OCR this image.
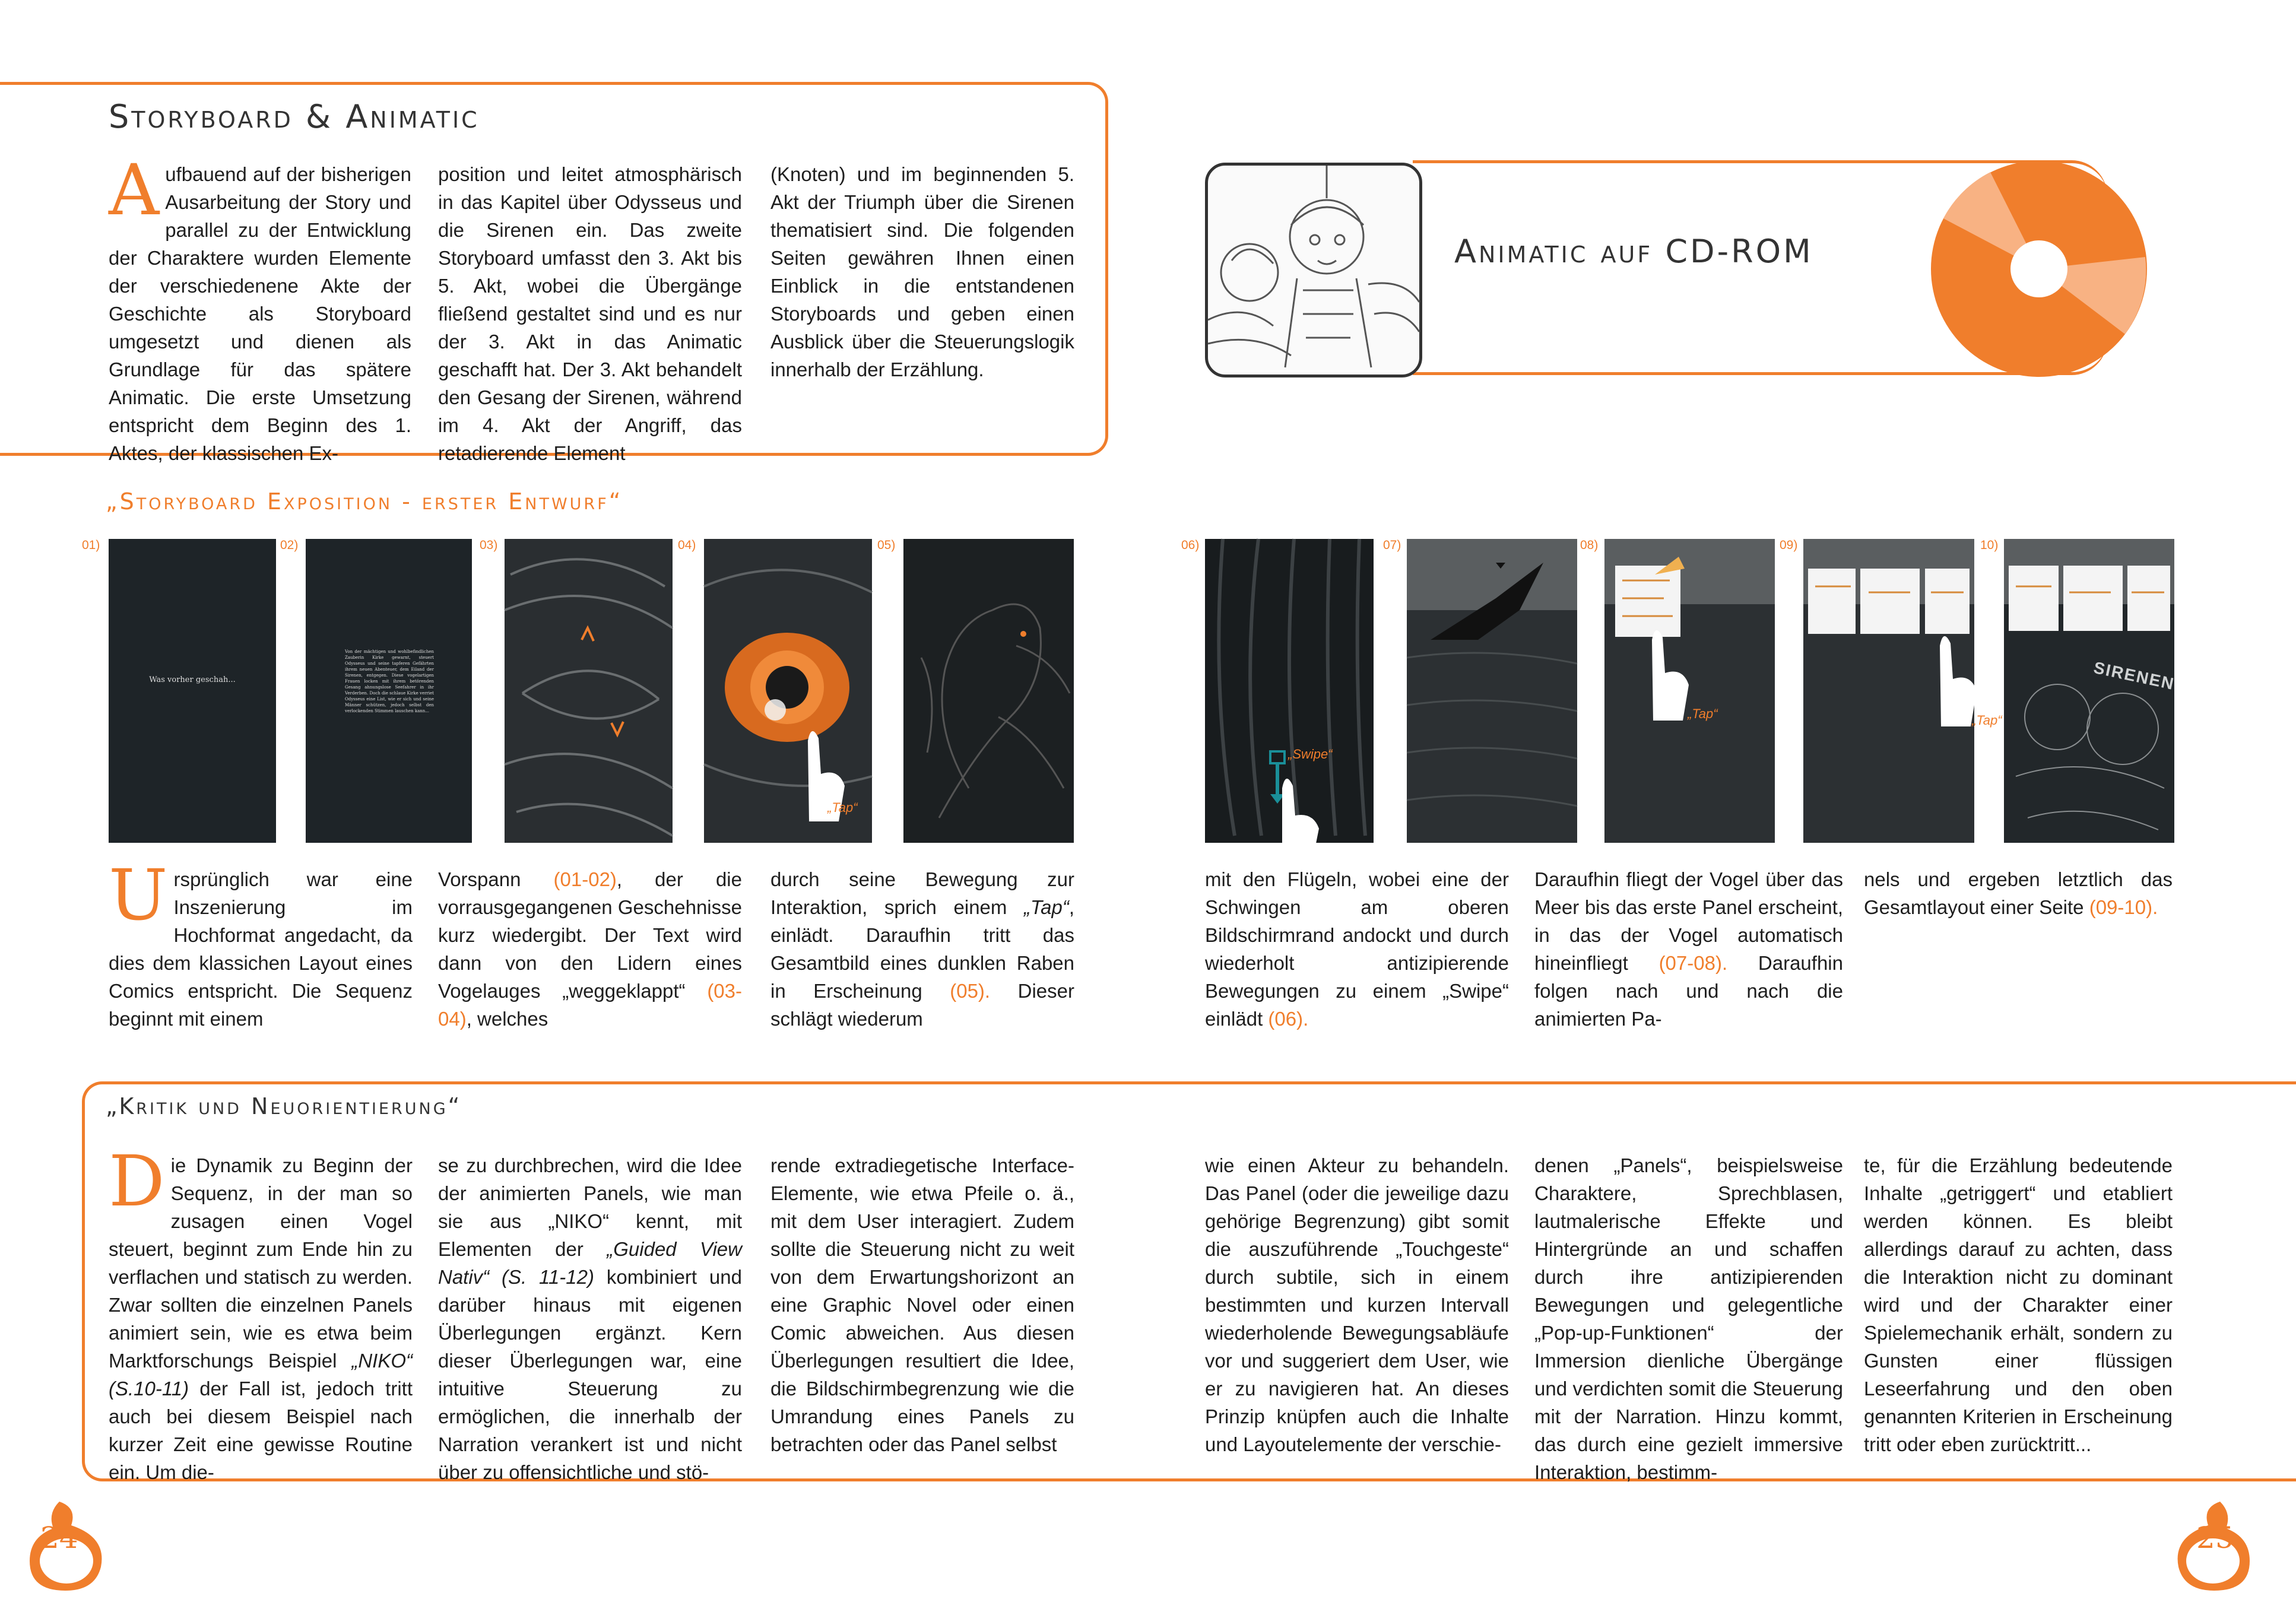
Storyboard & Animatic
Aufbauend auf der bisherigen Ausarbeitung der Story und parallel zu der Entwicklung der Charaktere wurden Elemente der verschiedenene Akte der Geschichte als Storyboard umgesetzt und dienen als Grundlage für das spätere Animatic. Die erste Umsetzung entspricht dem Beginn des 1. Aktes, der klassischen Ex-
position und leitet atmosphärisch in das Kapitel über Odysseus und die Sirenen ein. Das zweite Storyboard umfasst den 3. Akt bis 5. Akt, wobei die Übergänge fließend gestaltet sind und es nur der 3. Akt in das Animatic geschafft hat. Der 3. Akt behandelt den Gesang der Sirenen, während im 4. Akt der Angriff, das retadierende Element
(Knoten) und im beginnenden 5. Akt der Triumph über die Sirenen thematisiert sind. Die folgenden Seiten gewähren Ihnen einen Einblick in die entstandenen Storyboards und geben einen Ausblick über die Steuerungslogik innerhalb der Erzählung.
Animatic auf CD-ROM
„Storyboard Exposition - erster Entwurf“
01)
Was vorher geschah...
02)
Von der mächtigen und wohlbefindlichen Zauberin Kirke gewarnt, steuert Odysseus und seine tapferen Gefährten ihrem neuen Abenteuer, dem Eiland der Sirenen, entgegen. Diese vogelartigen Frauen locken mit ihrem betörenden Gesang ahnungslose Seefahrer in ihr Verderben. Doch die schlaue Kirke verriet Odysseus eine List, wie er sich und seine Männer schützen, jedoch selbst den verlockenden Stimmen lauschen kann...
03)	04)
„Tap“
05)	06)
„Swipe“
07)	08)
„Tap“
09)
„Tap“
10)
SIRENEN
Ursprünglich war eine Inszenierung im Hochformat angedacht, da dies dem klassichen Layout eines Comics entspricht. Die Sequenz beginnt mit einem
Vorspann (01-02), der die vorrausgegangenen Geschehnisse kurz wiedergibt. Der Text wird dann von den Lidern eines Vogelauges „weggeklappt“ (03-04), welches
durch seine Bewegung zur Interaktion, sprich einem „Tap“, einlädt. Daraufhin tritt das Gesamtbild eines dunklen Raben in Erscheinung (05). Dieser schlägt wiederum
mit den Flügeln, wobei eine der Schwingen am oberen Bildschirmrand andockt und durch wiederholt antizipierende Bewegungen zu einem „Swipe“ einlädt (06).
Daraufhin fliegt der Vogel über das Meer bis das erste Panel erscheint, in das der Vogel automatisch hineinfliegt (07-08). Daraufhin folgen nach und nach die animierten Pa-
nels und ergeben letztlich das Gesamtlayout einer Seite (09-10).
„Kritik und Neuorientierung“
Die Dynamik zu Beginn der Sequenz, in der man so zusagen einen Vogel steuert, beginnt zum Ende hin zu verflachen und statisch zu werden. Zwar sollten die einzelnen Panels animiert sein, wie es etwa beim Marktforschungs Beispiel „NIKO“ (S.10-11) der Fall ist, jedoch tritt auch bei diesem Beispiel nach kurzer Zeit eine gewisse Routine ein. Um die-
se zu durchbrechen, wird die Idee der animierten Panels, wie man sie aus „NIKO“ kennt, mit Elementen der „Guided View Nativ“ (S. 11-12) kombiniert und darüber hinaus mit eigenen Überlegungen ergänzt. Kern dieser Überlegungen war, eine intuitive Steuerung zu ermöglichen, die innerhalb der Narration verankert ist und nicht über zu offensichtliche und stö-
rende extradiegetische Interface-Elemente, wie etwa Pfeile o. ä., mit dem User interagiert. Zudem sollte die Steuerung nicht zu weit von dem Erwartungshorizont an eine Graphic Novel oder einen Comic abweichen. Aus diesen Überlegungen resultiert die Idee, die Bildschirmbegrenzung wie die Umrandung eines Panels zu betrachten oder das Panel selbst
wie einen Akteur zu behandeln. Das Panel (oder die jeweilige dazu gehörige Begrenzung) gibt somit die auszuführende „Touchgeste“ durch subtile, sich in einem bestimmten und kurzen Intervall wiederholende Bewegungsabläufe vor und suggeriert dem User, wie er zu navigieren hat. An dieses Prinzip knüpfen auch die Inhalte und Layoutelemente der verschie-
denen „Panels“, beispielsweise Charaktere, Sprechblasen, lautmalerische Effekte und Hintergründe an und schaffen durch ihre antizipierenden Bewegungen und gelegentliche „Pop-up-Funktionen“ der Immersion dienliche Übergänge und verdichten somit die Steuerung mit der Narration. Hinzu kommt, das durch eine gezielt immersive Interaktion, bestimm-
te, für die Erzählung bedeutende Inhalte „getriggert“ und etabliert werden können. Es bleibt allerdings darauf zu achten, dass die Interaktion nicht zu dominant wird und der Charakter einer Spielemechanik erhält, sondern zu Gunsten einer flüssigen Leseerfahrung und den oben genannten Kriterien in Erscheinung tritt oder eben zurücktritt...
24	25
